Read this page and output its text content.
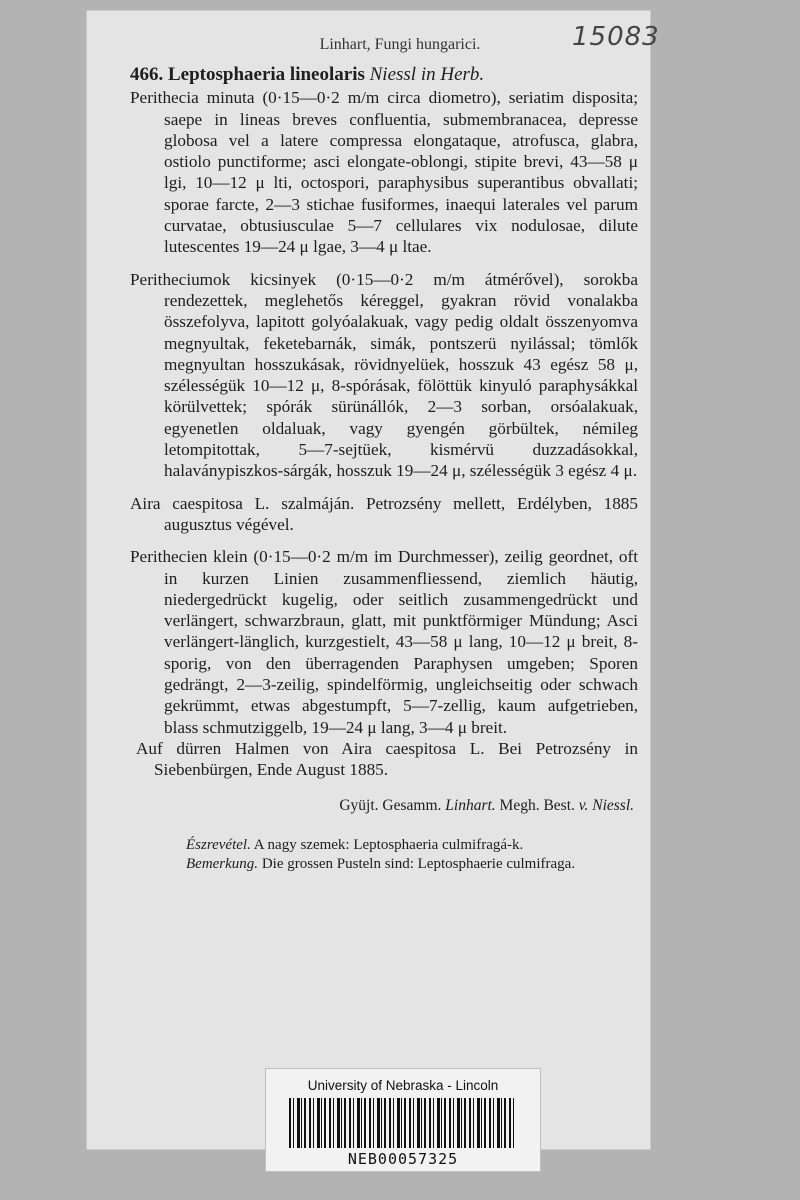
15083

Linhart, Fungi hungarici.

466. Leptosphaeria lineolaris Niessl in Herb.

Perithecia minuta (0·15—0·2 m/m circa diometro), seriatim disposita; saepe in lineas breves confluentia, submembranacea, depresse globosa vel a latere compressa elongataque, atrofusca, glabra, ostiolo punctiforme; asci elongate-oblongi, stipite brevi, 43—58 μ lgi, 10—12 μ lti, octospori, paraphysibus superantibus obvallati; sporae farcte, 2—3 stichae fusiformes, inaequi laterales vel parum curvatae, obtusiusculae 5—7 cellulares vix nodulosae, dilute lutescentes 19—24 μ lgae, 3—4 μ ltae.

Peritheciumok kicsinyek (0·15—0·2 m/m átmérővel), sorokba rendezettek, meglehetős kéreggel, gyakran rövid vonalakba összefolyva, lapitott golyóalakuak, vagy pedig oldalt összenyomva megnyultak, feketebarnák, simák, pontszerü nyilással; tömlők megnyultan hosszukásak, rövidnyelüek, hosszuk 43 egész 58 μ, szélességük 10—12 μ, 8-spórásak, fölöttük kinyuló paraphysákkal körülvettek; spórák sürünállók, 2—3 sorban, orsóalakuak, egyenetlen oldaluak, vagy gyengén görbültek, némileg letompitottak, 5—7-sejtüek, kismérvü duzzadásokkal, halaványpiszkos-sárgák, hosszuk 19—24 μ, szélességük 3 egész 4 μ.

Aira caespitosa L. szalmáján. Petrozsény mellett, Erdélyben, 1885 augusztus végével.

Perithecien klein (0·15—0·2 m/m im Durchmesser), zeilig geordnet, oft in kurzen Linien zusammenfliessend, ziemlich häutig, niedergedrückt kugelig, oder seitlich zusammengedrückt und verlängert, schwarzbraun, glatt, mit punktförmiger Mündung; Asci verlängert-länglich, kurzgestielt, 43—58 μ lang, 10—12 μ breit, 8-sporig, von den überragenden Paraphysen umgeben; Sporen gedrängt, 2—3-zeilig, spindelförmig, ungleichseitig oder schwach gekrümmt, etwas abgestumpft, 5—7-zellig, kaum aufgetrieben, blass schmutziggelb, 19—24 μ lang, 3—4 μ breit.

Auf dürren Halmen von Aira caespitosa L. Bei Petrozsény in Siebenbürgen, Ende August 1885.

Gyüjt. Gesamm. Linhart. Megh. Best. v. Niessl.

Észrevétel. A nagy szemek: Leptosphaeria culmifragá-k.

Bemerkung. Die grossen Pusteln sind: Leptosphaerie culmifraga.

University of Nebraska - Lincoln

NEB00057325
